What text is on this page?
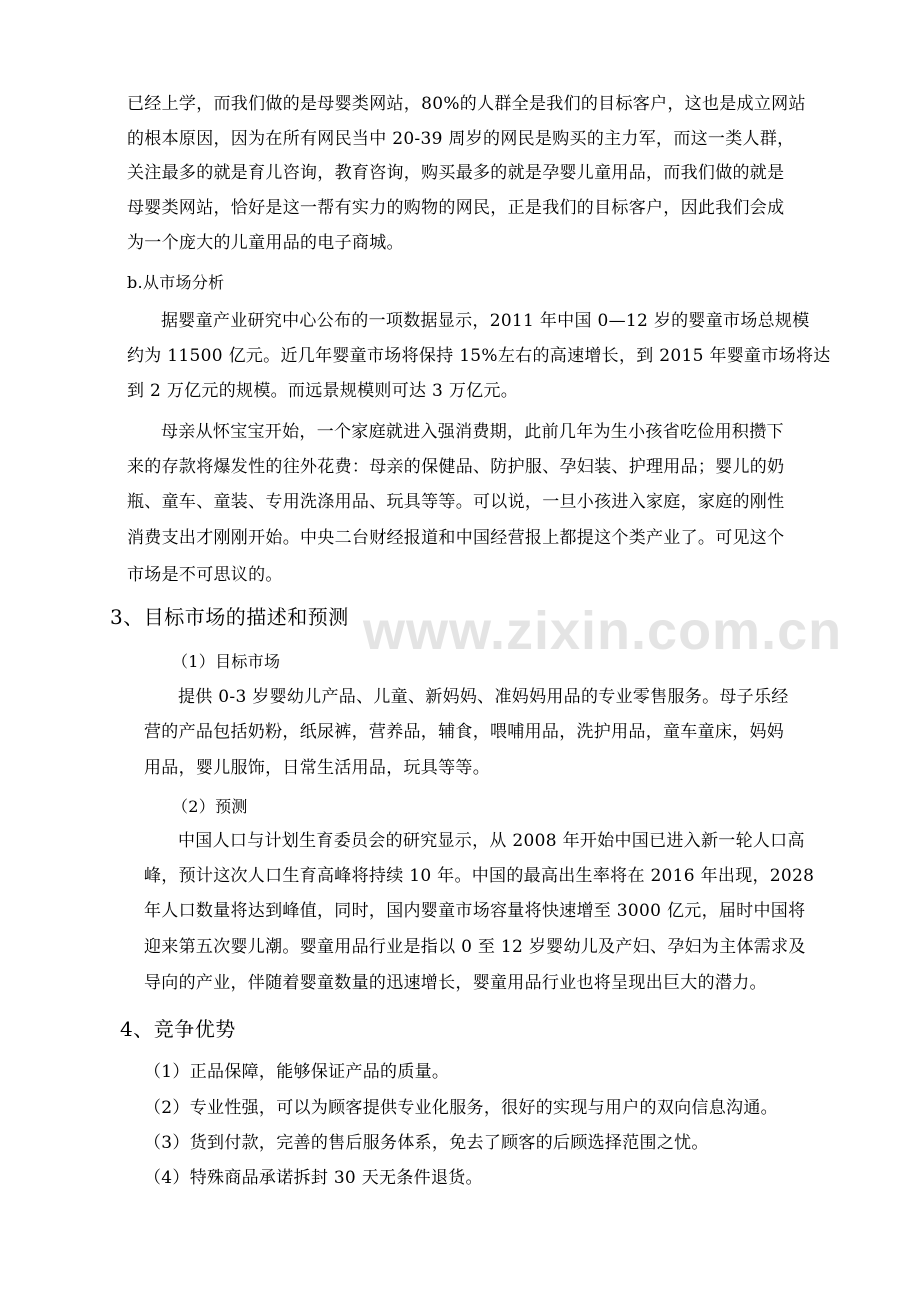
www.zixin.com.cn
已经上学，而我们做的是母婴类网站，80%的人群全是我们的目标客户，这也是成立网站
的根本原因，因为在所有网民当中 20-39 周岁的网民是购买的主力军，而这一类人群，
关注最多的就是育儿咨询，教育咨询，购买最多的就是孕婴儿童用品，而我们做的就是
母婴类网站，恰好是这一帮有实力的购物的网民，正是我们的目标客户，因此我们会成
为一个庞大的儿童用品的电子商城。
b.从市场分析
据婴童产业研究中心公布的一项数据显示，2011 年中国 0—12 岁的婴童市场总规模
约为 11500 亿元。近几年婴童市场将保持 15%左右的高速增长，到 2015 年婴童市场将达
到 2 万亿元的规模。而远景规模则可达 3 万亿元。
母亲从怀宝宝开始，一个家庭就进入强消费期，此前几年为生小孩省吃俭用积攒下
来的存款将爆发性的往外花费：母亲的保健品、防护服、孕妇装、护理用品；婴儿的奶
瓶、童车、童装、专用洗涤用品、玩具等等。可以说，一旦小孩进入家庭，家庭的刚性
消费支出才刚刚开始。中央二台财经报道和中国经营报上都提这个类产业了。可见这个
市场是不可思议的。
3、目标市场的描述和预测
（1）目标市场
提供 0-3 岁婴幼儿产品、儿童、新妈妈、准妈妈用品的专业零售服务。母子乐经
营的产品包括奶粉，纸尿裤，营养品，辅食，喂哺用品，洗护用品，童车童床，妈妈
用品，婴儿服饰，日常生活用品，玩具等等。
（2）预测
中国人口与计划生育委员会的研究显示，从 2008 年开始中国已进入新一轮人口高
峰，预计这次人口生育高峰将持续 10 年。中国的最高出生率将在 2016 年出现，2028
年人口数量将达到峰值，同时，国内婴童市场容量将快速增至 3000 亿元，届时中国将
迎来第五次婴儿潮。婴童用品行业是指以 0 至 12 岁婴幼儿及产妇、孕妇为主体需求及
导向的产业，伴随着婴童数量的迅速增长，婴童用品行业也将呈现出巨大的潜力。
4、竞争优势
（1）正品保障，能够保证产品的质量。
（2）专业性强，可以为顾客提供专业化服务，很好的实现与用户的双向信息沟通。
（3）货到付款，完善的售后服务体系，免去了顾客的后顾选择范围之忧。
（4）特殊商品承诺拆封 30 天无条件退货。
